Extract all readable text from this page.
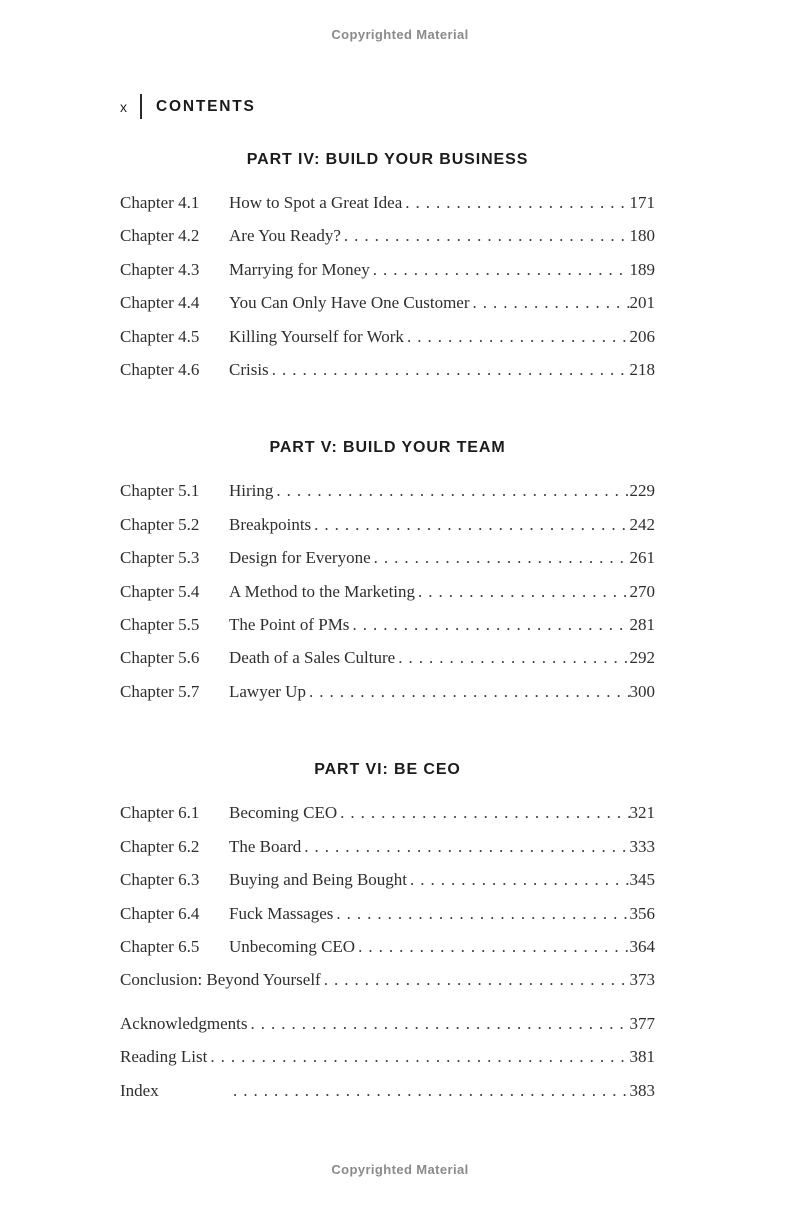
Copyrighted Material
x CONTENTS
PART IV: BUILD YOUR BUSINESS
Chapter 4.1	How to Spot a Great Idea .....	171
Chapter 4.2	Are You Ready? .....	180
Chapter 4.3	Marrying for Money .....	189
Chapter 4.4	You Can Only Have One Customer .....	201
Chapter 4.5	Killing Yourself for Work .....	206
Chapter 4.6	Crisis .....	218
PART V: BUILD YOUR TEAM
Chapter 5.1	Hiring .....	229
Chapter 5.2	Breakpoints .....	242
Chapter 5.3	Design for Everyone .....	261
Chapter 5.4	A Method to the Marketing .....	270
Chapter 5.5	The Point of PMs .....	281
Chapter 5.6	Death of a Sales Culture .....	292
Chapter 5.7	Lawyer Up .....	300
PART VI: BE CEO
Chapter 6.1	Becoming CEO .....	321
Chapter 6.2	The Board .....	333
Chapter 6.3	Buying and Being Bought .....	345
Chapter 6.4	Fuck Massages .....	356
Chapter 6.5	Unbecoming CEO .....	364
Conclusion: Beyond Yourself .....	373
Acknowledgments .....	377
Reading List .....	381
Index .....	383
Copyrighted Material
